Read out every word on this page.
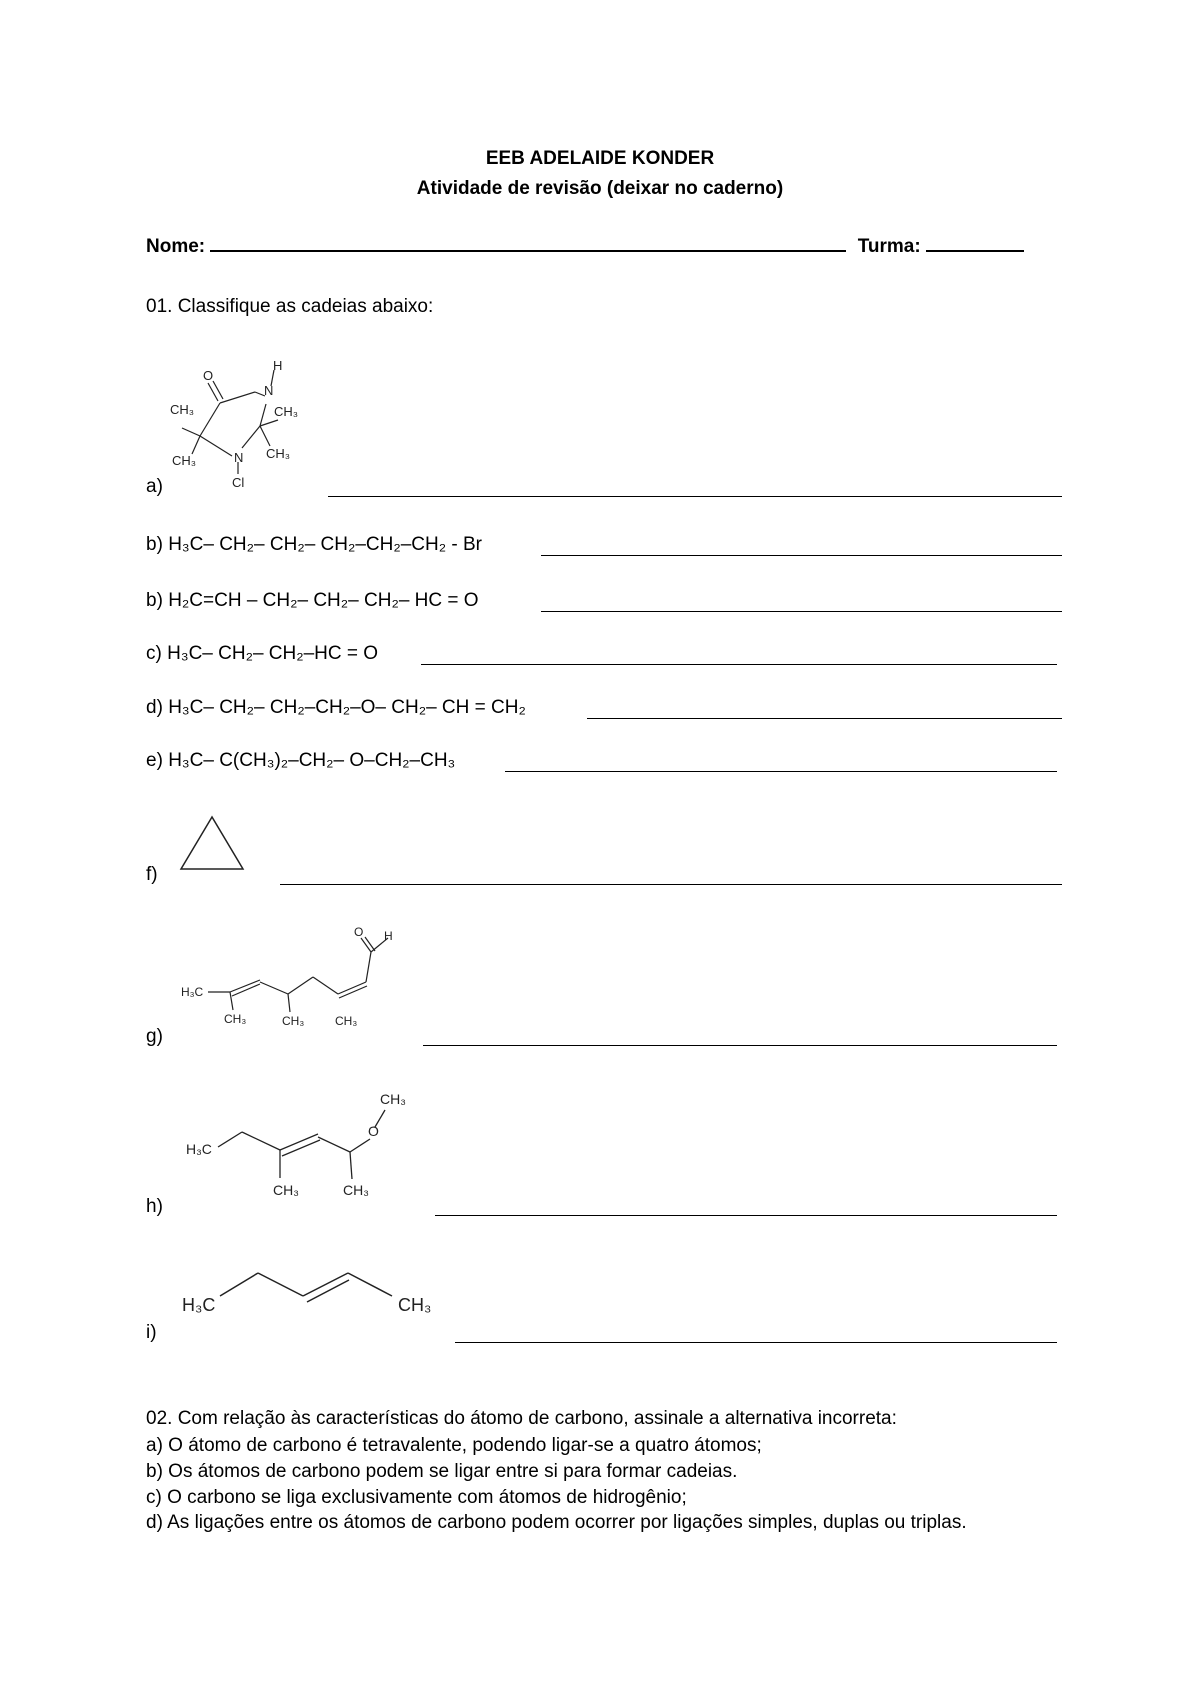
EEB ADELAIDE KONDER
Atividade de revisão (deixar no caderno)
Nome:	Turma:
01. Classifique as cadeias abaixo:
O
N
H
N
Cl
CH₃
CH₃
CH₃
CH₃
a)
b) H₃C– CH₂– CH₂– CH₂–CH₂–CH₂ - Br
b) H₂C=CH – CH₂– CH₂– CH₂– HC = O
c) H₃C– CH₂– CH₂–HC = O
d) H₃C– CH₂– CH₂–CH₂–O– CH₂– CH = CH₂
e) H₃C– C(CH₃)₂–CH₂– O–CH₂–CH₃
f)
O H
H₃C
CH₃	CH₃	CH₃
g)
H₃C
O
CH₃
CH₃	CH₃
h)
H₃C	CH₃
i)
02. Com relação às características do átomo de carbono, assinale a alternativa incorreta:
a) O átomo de carbono é tetravalente, podendo ligar-se a quatro átomos;
b) Os átomos de carbono podem se ligar entre si para formar cadeias.
c) O carbono se liga exclusivamente com átomos de hidrogênio;
d) As ligações entre os átomos de carbono podem ocorrer por ligações simples, duplas ou triplas.
